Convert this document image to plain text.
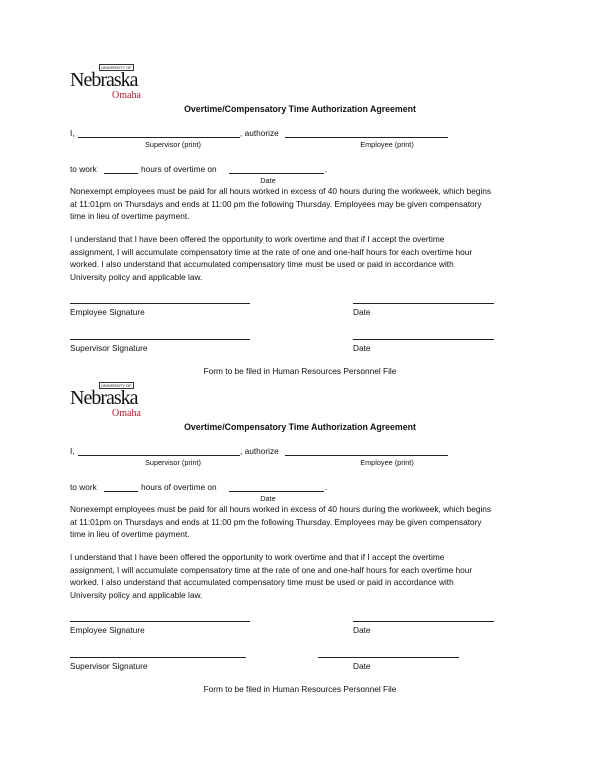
UNIVERSITY OF
Nebraska
Omaha
Overtime/Compensatory Time Authorization Agreement
I,	, authorize
Supervisor (print)	Employee (print)
to work	hours of overtime on	.
Date
Nonexempt employees must be paid for all hours worked in excess of 40 hours during the workweek, which begins
at 11:01pm on Thursdays and ends at 11:00 pm the following Thursday. Employees may be given compensatory
time in lieu of overtime payment.
I understand that I have been offered the opportunity to work overtime and that if I accept the overtime
assignment, I will accumulate compensatory time at the rate of one and one-half hours for each overtime hour
worked. I also understand that accumulated compensatory time must be used or paid in accordance with
University policy and applicable law.
Employee Signature	Date
Supervisor Signature	Date
Form to be filed in Human Resources Personnel File
UNIVERSITY OF
Nebraska
Omaha
Overtime/Compensatory Time Authorization Agreement
I,	, authorize
Supervisor (print)	Employee (print)
to work	hours of overtime on	.
Date
Nonexempt employees must be paid for all hours worked in excess of 40 hours during the workweek, which begins
at 11:01pm on Thursdays and ends at 11:00 pm the following Thursday. Employees may be given compensatory
time in lieu of overtime payment.
I understand that I have been offered the opportunity to work overtime and that if I accept the overtime
assignment, I will accumulate compensatory time at the rate of one and one-half hours for each overtime hour
worked. I also understand that accumulated compensatory time must be used or paid in accordance with
University policy and applicable law.
Employee Signature	Date
Supervisor Signature	Date
Form to be filed in Human Resources Personnel File
